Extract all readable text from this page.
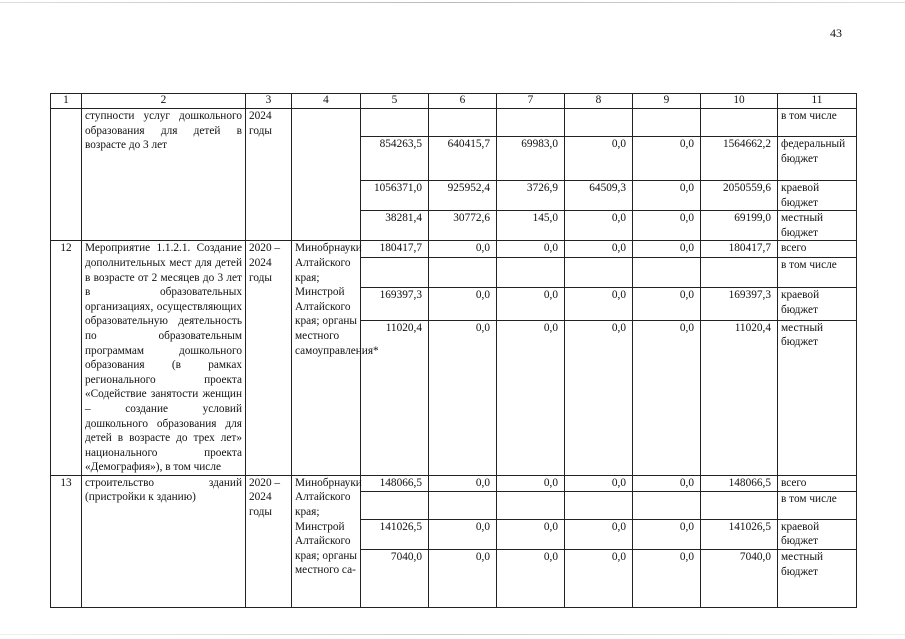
43
1	2	3	4	5	6	7	8	9	10	11
	ступности услуг дошкольного образования для детей в возрасте до 3 лет	2024 годы								в том числе
				854263,5	640415,7	69983,0	0,0	0,0	1564662,2	федеральный бюджет
				1056371,0	925952,4	3726,9	64509,3	0,0	2050559,6	краевой бюджет
				38281,4	30772,6	145,0	0,0	0,0	69199,0	местный бюджет
12	Мероприятие 1.1.2.1. Создание дополнительных мест для детей в возрасте от 2 месяцев до 3 лет в образовательных организациях, осуществляющих образовательную деятельность по образовательным программам дошкольного образования (в рамках регионального проекта «Содействие занятости женщин – создание условий дошкольного образования для детей в возрасте до трех лет» национального проекта «Демография»), в том числе	2020 – 2024 годы	Минобрнауки Алтайского края; Минстрой Алтайского края; органы местного самоуправления*	180417,7	0,0	0,0	0,0	0,0	180417,7	всего
										в том числе
				169397,3	0,0	0,0	0,0	0,0	169397,3	краевой бюджет
				11020,4	0,0	0,0	0,0	0,0	11020,4	местный бюджет
13	строительство зданий (пристройки к зданию)	2020 – 2024 годы	Минобрнауки Алтайского края; Минстрой Алтайского края; органы местного са-	148066,5	0,0	0,0	0,0	0,0	148066,5	всего
										в том числе
				141026,5	0,0	0,0	0,0	0,0	141026,5	краевой бюджет
				7040,0	0,0	0,0	0,0	0,0	7040,0	местный бюджет
